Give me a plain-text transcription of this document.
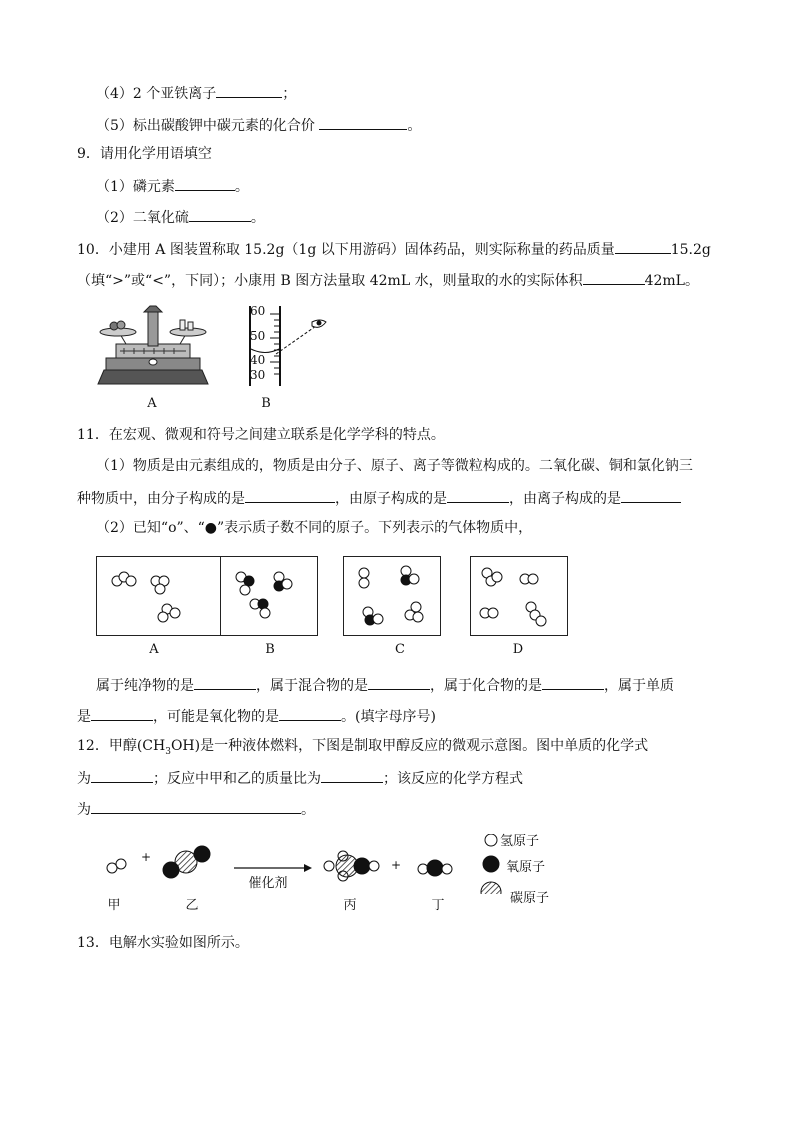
（4）2 个亚铁离子	；
（5）标出碳酸钾中碳元素的化合价	。
9．请用化学用语填空
（1）磷元素	。
（2）二氧化硫	。
10．小建用 A 图装置称取 15.2g（1g 以下用游码）固体药品，则实际称量的药品质量	15.2g
（填“>”或“<”，下同）；小康用 B 图方法量取 42mL 水，则量取的水的实际体积	42mL。
A
60
50
40
30
B
11．在宏观、微观和符号之间建立联系是化学学科的特点。
（1）物质是由元素组成的，物质是由分子、原子、离子等微粒构成的。二氧化碳、铜和氯化钠三
种物质中，由分子构成的是	，由原子构成的是	，由离子构成的是
（2）已知“o”、“●”表示质子数不同的原子。下列表示的气体物质中，
A	B	C	D
属于纯净物的是	，属于混合物的是	，属于化合物的是	，属于单质
是	，可能是氧化物的是	。(填字母序号)
12．甲醇$(CH_3OH)$是一种液体燃料，下图是制取甲醇反应的微观示意图。图中单质的化学式
为	；反应中甲和乙的质量比为	；该反应的化学方程式
为	。
+
+
催化剂
甲	乙	丙	丁
氢原子
氧原子
碳原子
13．电解水实验如图所示。
